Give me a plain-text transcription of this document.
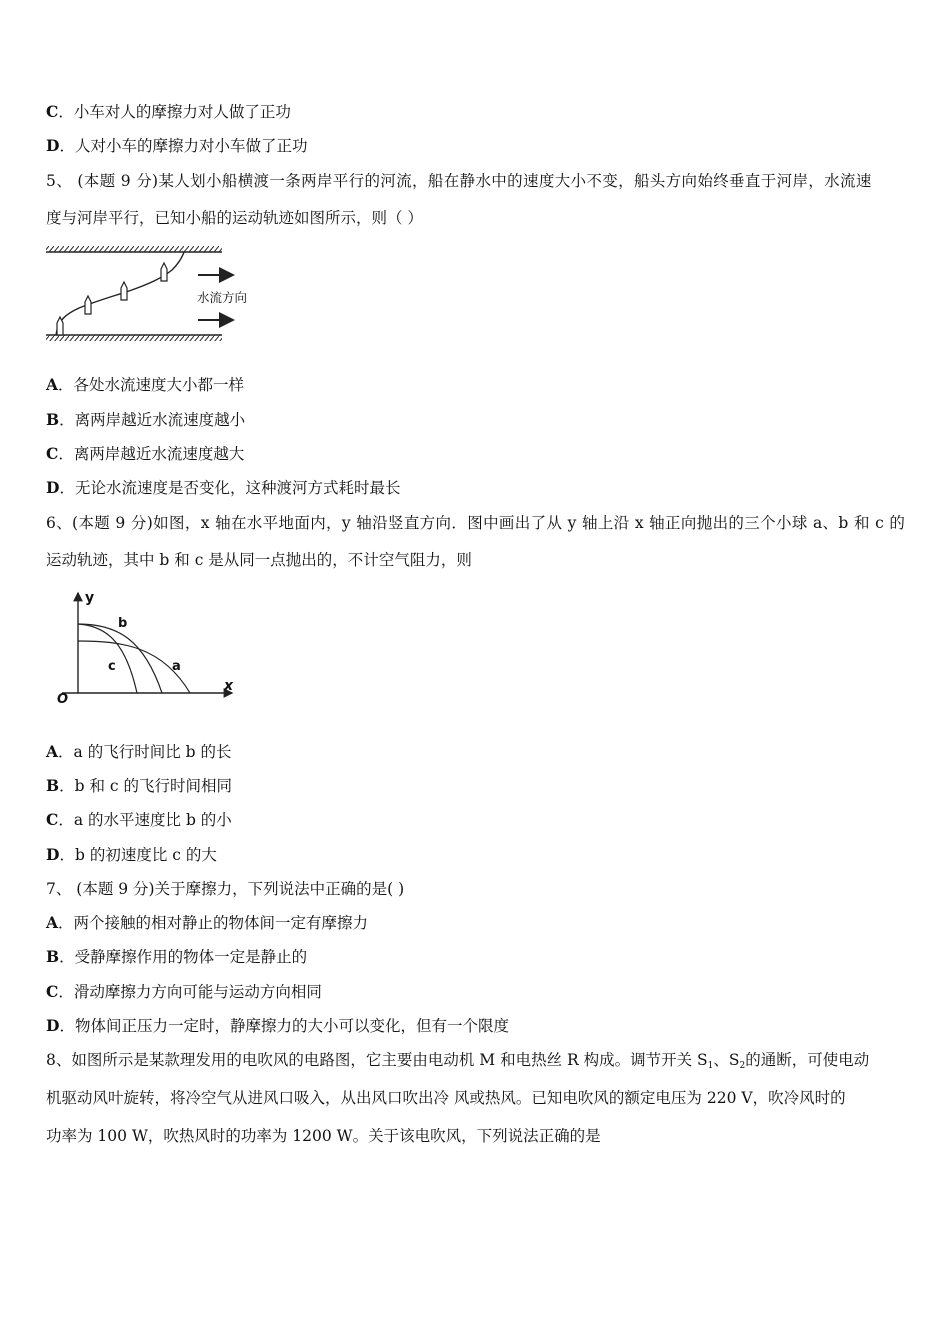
C．小车对人的摩擦力对人做了正功
D．人对小车的摩擦力对小车做了正功
5、 (本题 9 分)某人划小船横渡一条两岸平行的河流，船在静水中的速度大小不变，船头方向始终垂直于河岸，水流速
度与河岸平行，已知小船的运动轨迹如图所示，则（ ）
水流方向
A．各处水流速度大小都一样
B．离两岸越近水流速度越小
C．离两岸越近水流速度越大
D．无论水流速度是否变化，这种渡河方式耗时最长
6、(本题 9 分)如图，x 轴在水平地面内，y 轴沿竖直方向．图中画出了从 y 轴上沿 x 轴正向抛出的三个小球 a、b 和 c 的
运动轨迹，其中 b 和 c 是从同一点抛出的，不计空气阻力，则
y
x
O
b
c	a
A．a 的飞行时间比 b 的长
B．b 和 c 的飞行时间相同
C．a 的水平速度比 b 的小
D．b 的初速度比 c 的大
7、 (本题 9 分)关于摩擦力，下列说法中正确的是( )
A．两个接触的相对静止的物体间一定有摩擦力
B．受静摩擦作用的物体一定是静止的
C．滑动摩擦力方向可能与运动方向相同
D．物体间正压力一定时，静摩擦力的大小可以变化，但有一个限度
8、如图所示是某款理发用的电吹风的电路图，它主要由电动机 M 和电热丝 R 构成。调节开关 $S_1$、$S_2$的通断，可使电动
机驱动风叶旋转，将冷空气从进风口吸入，从出风口吹出冷 风或热风。已知电吹风的额定电压为 220 V，吹冷风时的
功率为 100 W，吹热风时的功率为 1200 W。关于该电吹风，下列说法正确的是
